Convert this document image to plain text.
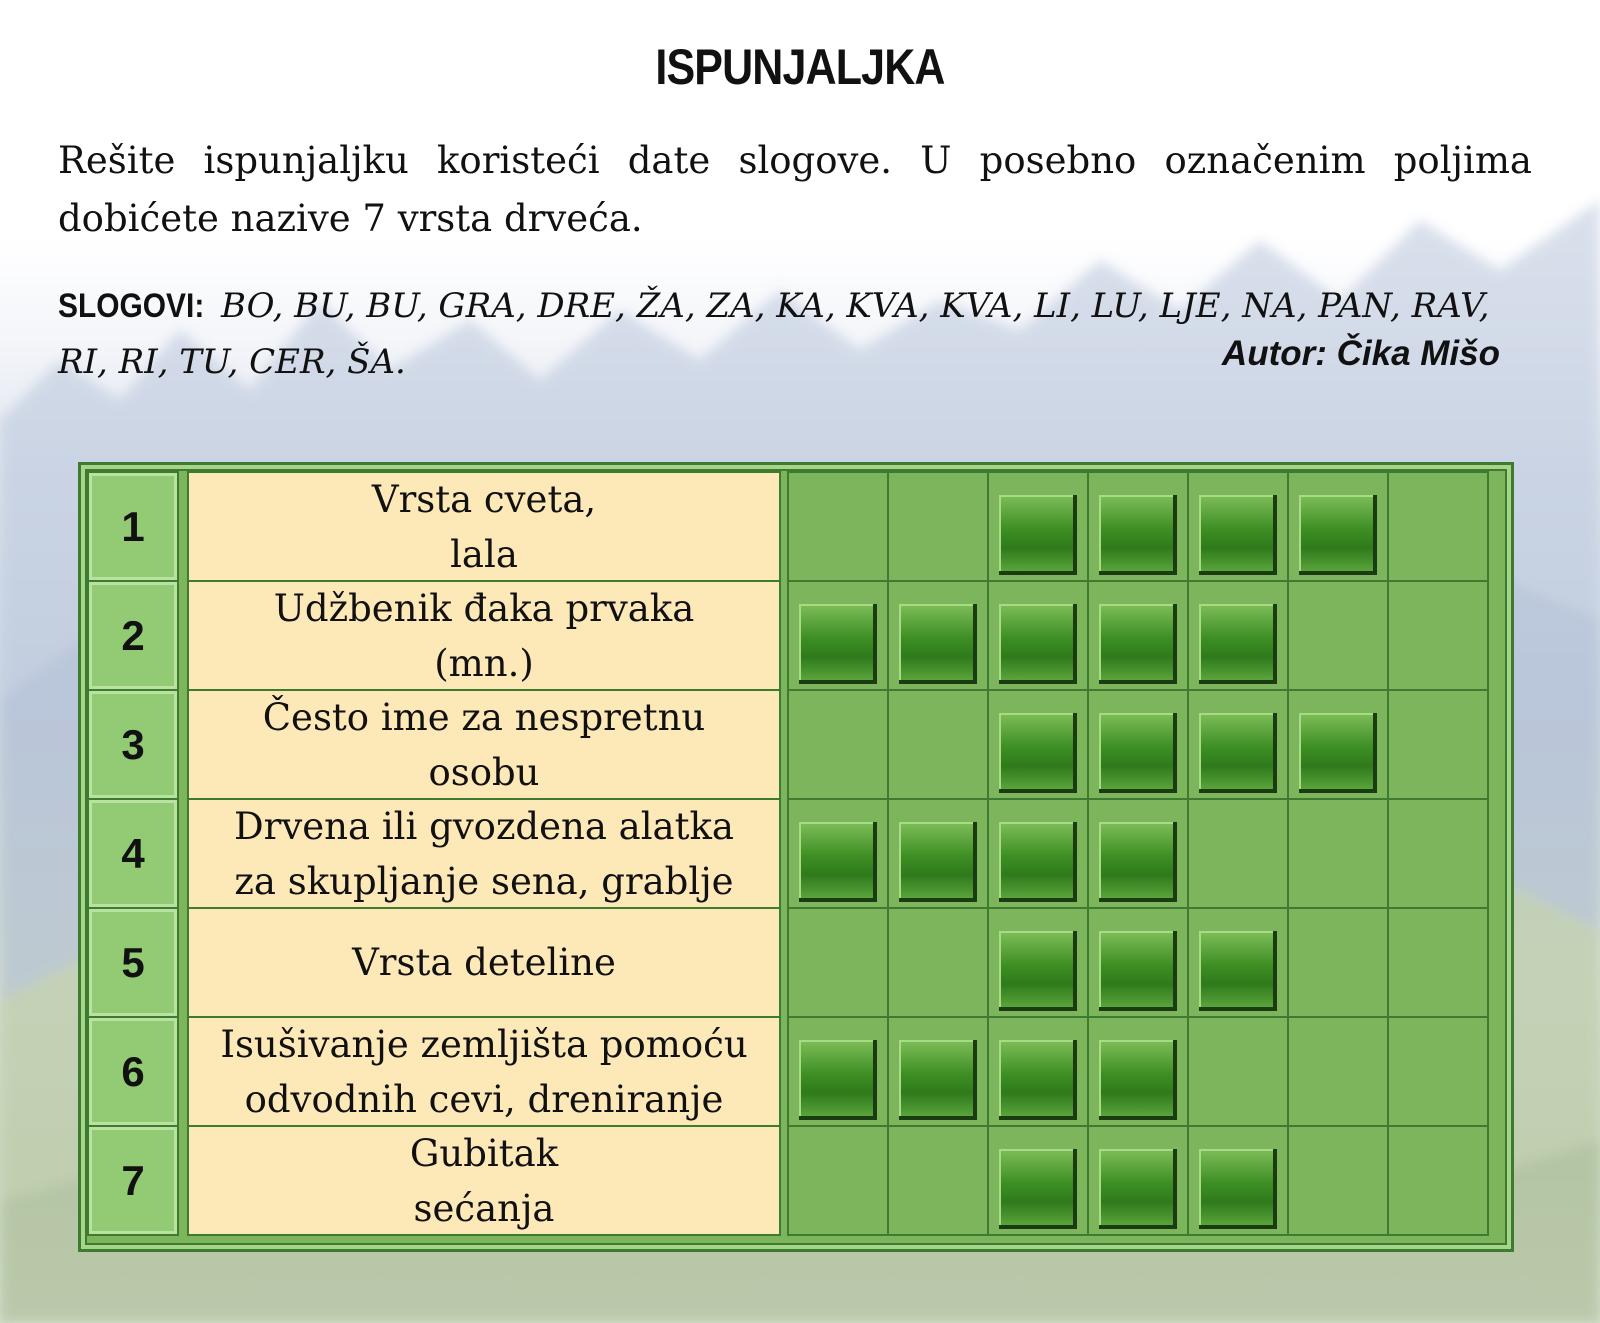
ISPUNJALJKA
Rešite ispunjaljku koristeći date slogove. U posebno označenim poljima dobićete nazive 7 vrsta drveća.
SLOGOVI: BO, BU, BU, GRA, DRE, ŽA, ZA, KA, KVA, KVA, LI, LU, LJE, NA, PAN, RAV, RI, RI, TU, CER, ŠA.	Autor: Čika Mišo
1
Vrsta cveta,
lala
2
Udžbenik đaka prvaka
(mn.)
3
Često ime za nespretnu
osobu
4
Drvena ili gvozdena alatka
za skupljanje sena, grablje
5	Vrsta deteline
6
Isušivanje zemljišta pomoću
odvodnih cevi, dreniranje
7
Gubitak
sećanja
